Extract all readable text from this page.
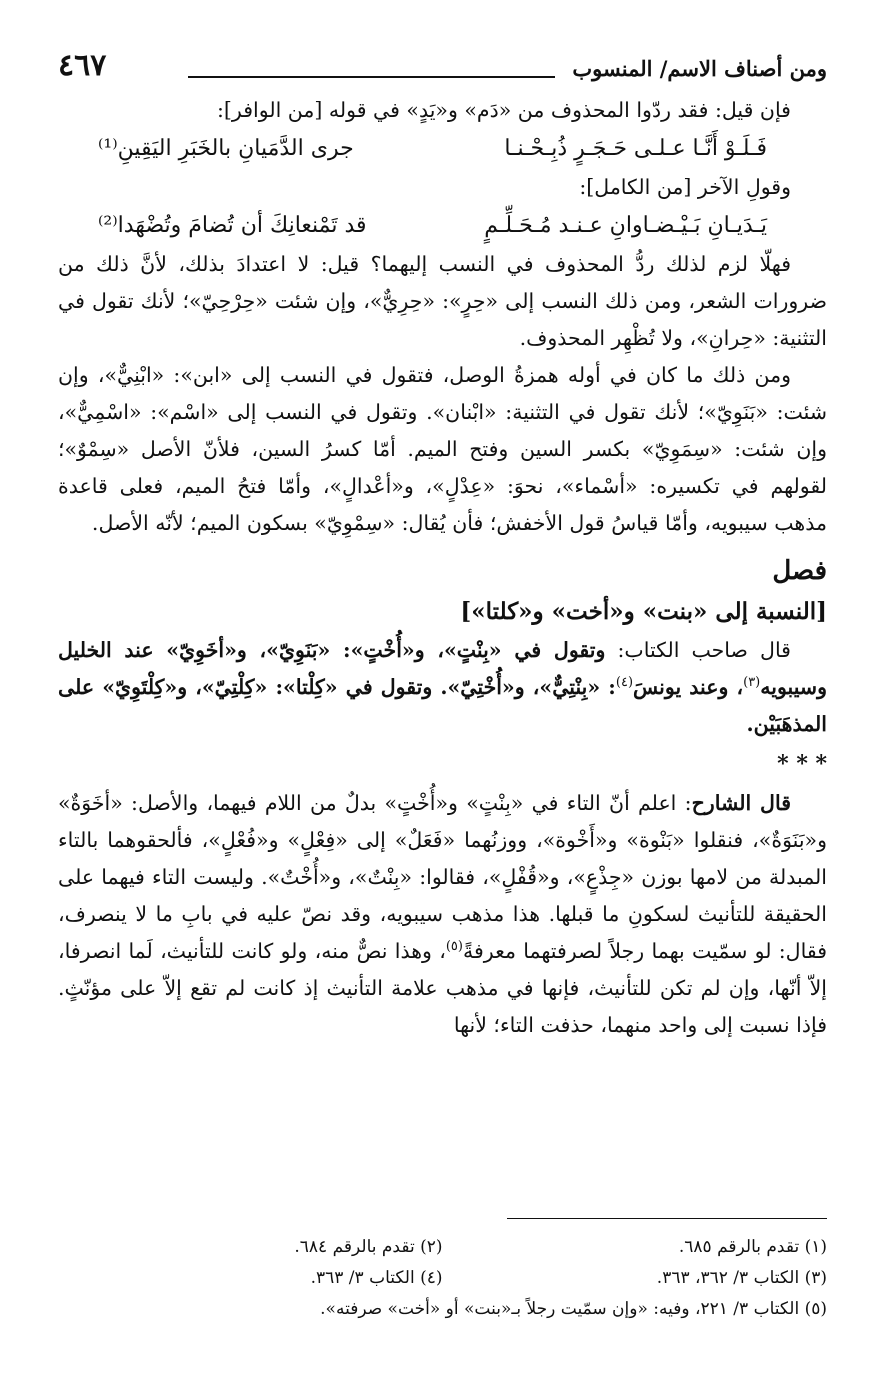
ومن أصناف الاسم/ المنسوب
٤٦٧

فإن قيل: فقد ردّوا المحذوف من «دَم» و«يَدٍ» في قوله [من الوافر]:

فَـلَـوْ أَنَّـا عـلـى حَـجَـرٍ ذُبِـحْـنـا
جرى الدَّمَيانِ بالخَبَرِ اليَقِينِ⁽¹⁾

وقولِ الآخر [من الكامل]:

يَـدَيـانِ بَـيْـضـاوانِ عـنـد مُـحَـلِّـمٍ
قد تَمْنعانِكَ أن تُضامَ وتُضْهَدا⁽²⁾

فهلّا لزم لذلك ردُّ المحذوف في النسب إليهما؟ قيل: لا اعتدادَ بذلك، لأنَّ ذلك من ضرورات الشعر، ومن ذلك النسب إلى «حِرٍ»: «حِرِيٌّ»، وإن شئت «حِرْحِيّ»؛ لأنك تقول في التثنية: «حِرانِ»، ولا تُظْهِر المحذوف.

ومن ذلك ما كان في أوله همزةُ الوصل، فتقول في النسب إلى «ابن»: «ابْنِيٌّ»، وإن شئت: «بَنَوِيّ»؛ لأنك تقول في التثنية: «ابْنان». وتقول في النسب إلى «اسْم»: «اسْمِيٌّ»، وإن شئت: «سِمَوِيّ» بكسر السين وفتح الميم. أمّا كسرُ السين، فلأنّ الأصل «سِمْوٌ»؛ لقولهم في تكسيره: «أسْماء»، نحوَ: «عِدْلٍ»، و«أعْدالٍ»، وأمّا فتحُ الميم، فعلى قاعدة مذهب سيبويه، وأمّا قياسُ قول الأخفش؛ فأن يُقال: «سِمْوِيّ» بسكون الميم؛ لأنّه الأصل.

فصل
[النسبة إلى «بنت» و«أخت» و«كلتا»]

قال صاحب الكتاب: وتقول في «بِنْتٍ»، و«أُخْتٍ»: «بَنَوِيّ»، و«أخَوِيّ» عند الخليل وسيبويه$^{(٣)}$، وعند يونسَ$^{(٤)}$: «بِنْتِيٌّ»، و«أُخْتِيّ». وتقول في «كِلْتا»: «كِلْتِيّ»، و«كِلْتَوِيّ» على المذهَبَيْن.

* * *

قال الشارح: اعلم أنّ التاء في «بِنْتٍ» و«أُخْتٍ» بدلٌ من اللام فيهما، والأصل: «أخَوَةٌ» و«بَنَوَةٌ»، فنقلوا «بَنْوة» و«أَخْوة»، ووزنُهما «فَعَلٌ» إلى «فِعْلٍ» و«فُعْلٍ»، فألحقوهما بالتاء المبدلة من لامها بوزن «جِذْعٍ»، و«قُفْلٍ»، فقالوا: «بِنْتٌ»، و«أُخْتٌ». وليست التاء فيهما على الحقيقة للتأنيث لسكونِ ما قبلها. هذا مذهب سيبويه، وقد نصّ عليه في بابِ ما لا ينصرف، فقال: لو سمّيت بهما رجلاً لصرفتهما معرفةً$^{(٥)}$، وهذا نصٌّ منه، ولو كانت للتأنيث، لَما انصرفا، إلاّ أنّها، وإن لم تكن للتأنيث، فإنها في مذهب علامة التأنيث إذ كانت لم تقع إلاّ على مؤنّثٍ. فإذا نسبت إلى واحد منهما، حذفت التاء؛ لأنها

(١) تقدم بالرقم ٦٨٥.
(٢) تقدم بالرقم ٦٨٤.
(٣) الكتاب ٣/ ٣٦٢، ٣٦٣.
(٤) الكتاب ٣/ ٣٦٣.
(٥) الكتاب ٣/ ٢٢١، وفيه: «وإن سمّيت رجلاً بـ«بنت» أو «أخت» صرفته».
